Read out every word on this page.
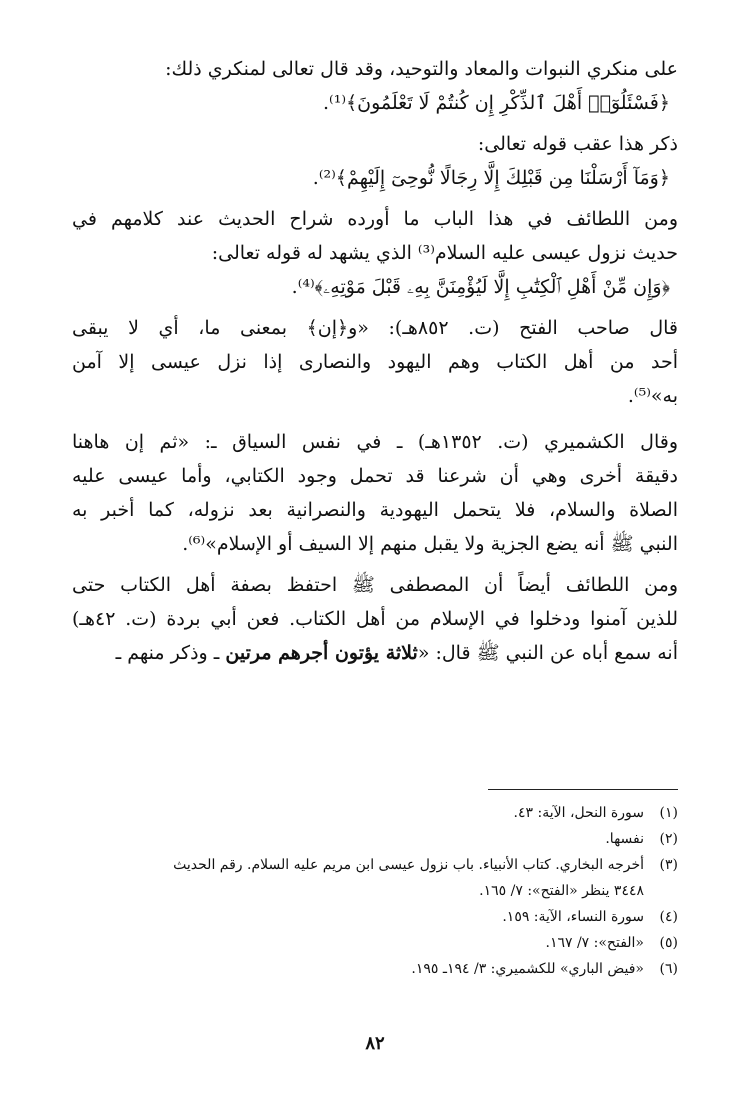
على منكري النبوات والمعاد والتوحيد، وقد قال تعالى لمنكري ذلك:
﴿فَسْئَلُوٓا۟ أَهْلَ ٱلذِّكْرِ إِن كُنتُمْ لَا تَعْلَمُونَ﴾⁽¹⁾.
ذكر هذا عقب قوله تعالى:
﴿وَمَآ أَرْسَلْنَا مِن قَبْلِكَ إِلَّا رِجَالًا نُّوحِىٓ إِلَيْهِمْ﴾⁽²⁾.
ومن اللطائف في هذا الباب ما أورده شراح الحديث عند كلامهم في
حديث نزول عيسى عليه السلام⁽³⁾ الذي يشهد له قوله تعالى:
﴿وَإِن مِّنْ أَهْلِ ٱلْكِتَٰبِ إِلَّا لَيُؤْمِنَنَّ بِهِۦ قَبْلَ مَوْتِهِۦ﴾⁽⁴⁾.
قال صاحب الفتح (ت. ٨٥٢هـ): «و﴿إن﴾ بمعنى ما، أي لا يبقى
أحد من أهل الكتاب وهم اليهود والنصارى إذا نزل عيسى إلا آمن
به»⁽⁵⁾.
وقال الكشميري (ت. ١٣٥٢هـ) ـ في نفس السياق ـ: «ثم إن هاهنا
دقيقة أخرى وهي أن شرعنا قد تحمل وجود الكتابي، وأما عيسى عليه
الصلاة والسلام، فلا يتحمل اليهودية والنصرانية بعد نزوله، كما أخبر به
النبي ﷺ أنه يضع الجزية ولا يقبل منهم إلا السيف أو الإسلام»⁽⁶⁾.
ومن اللطائف أيضاً أن المصطفى ﷺ احتفظ بصفة أهل الكتاب حتى
للذين آمنوا ودخلوا في الإسلام من أهل الكتاب. فعن أبي بردة (ت. ٤٢هـ)
أنه سمع أباه عن النبي ﷺ قال: «ثلاثة يؤتون أجرهم مرتين ـ وذكر منهم ـ
(١)
سورة النحل، الآية: ٤٣.
(٢)
نفسها.
(٣)
أخرجه البخاري. كتاب الأنبياء. باب نزول عيسى ابن مريم عليه السلام. رقم الحديث
٣٤٤٨ ينظر «الفتح»: ٧/ ١٦٥.
(٤)
سورة النساء، الآية: ١٥٩.
(٥)
«الفتح»: ٧/ ١٦٧.
(٦)
«فيض الباري» للكشميري: ٣/ ١٩٤ـ ١٩٥.
٨٢
